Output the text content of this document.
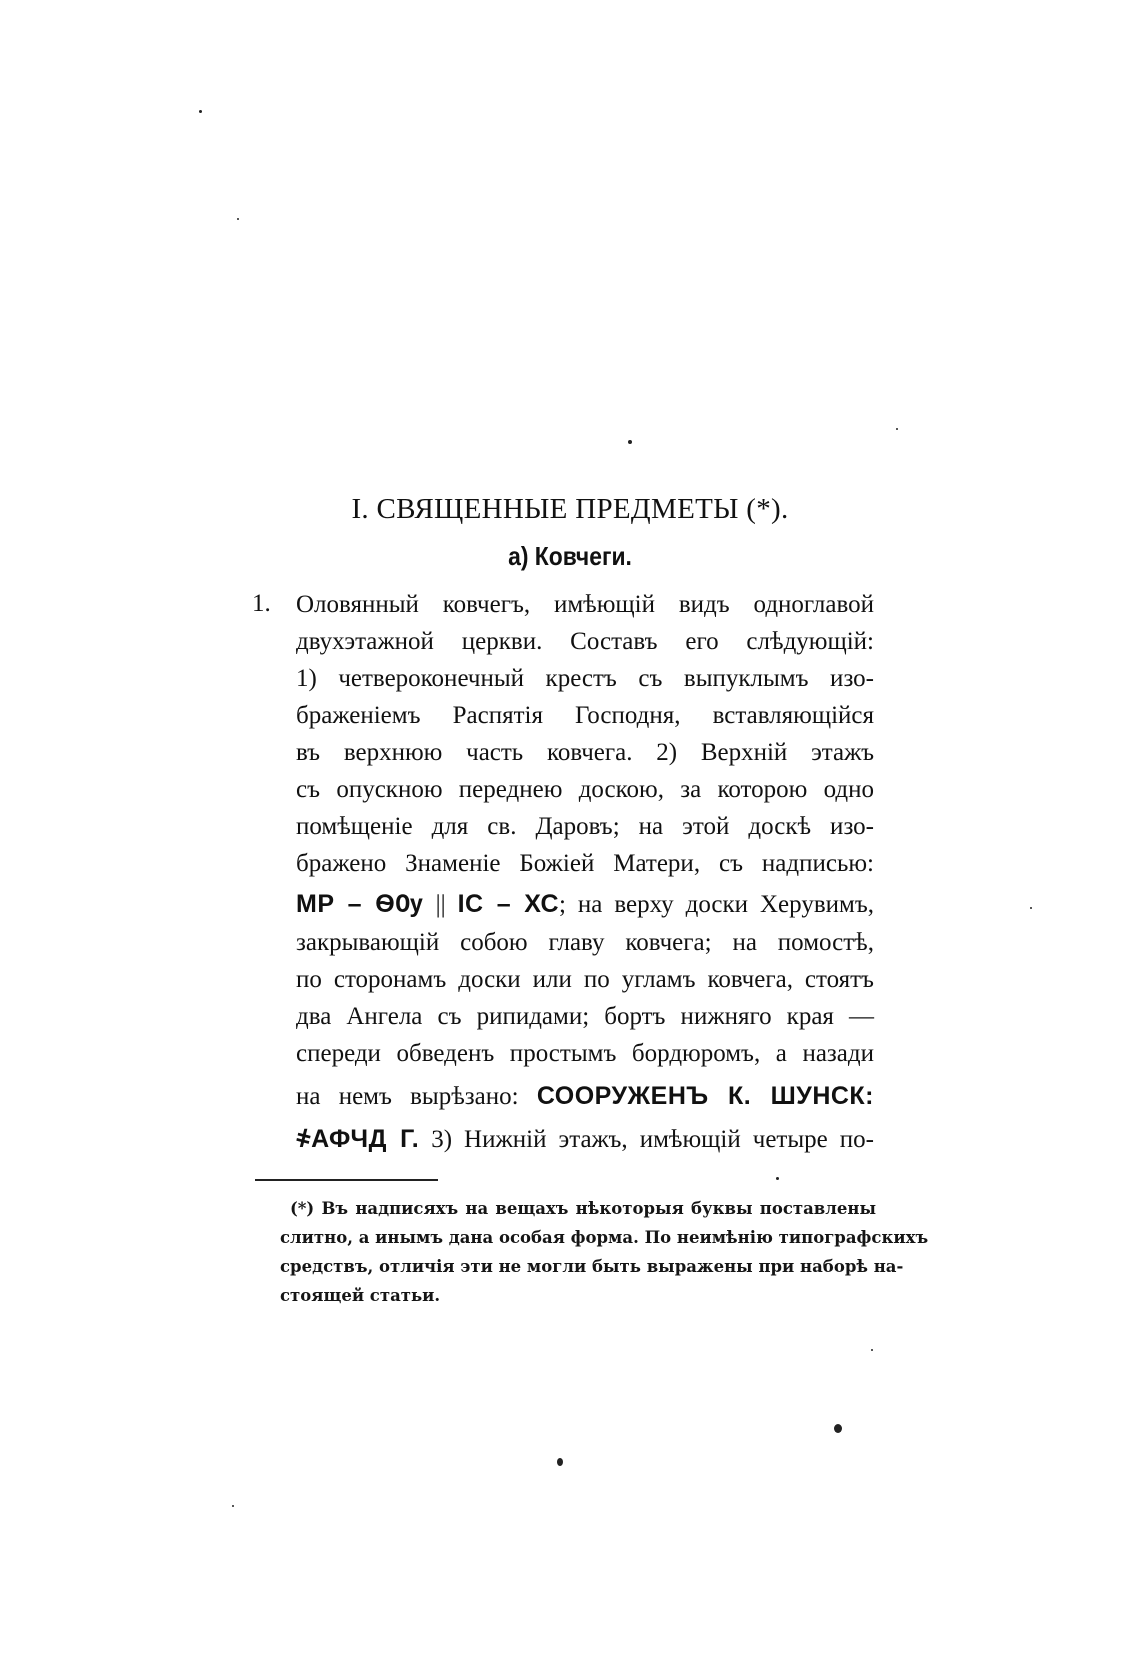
I. СВЯЩЕННЫЕ ПРЕДМЕТЫ (*).
а) Ковчеги.
1. Оловянный ковчегъ, имѣющій видъ одноглавой
двухэтажной церкви. Составъ его слѣдующій:
1) четвероконечный крестъ съ выпуклымъ изо-
браженіемъ Распятія Господня, вставляющійся
въ верхнюю часть ковчега. 2) Верхній этажъ
съ опускною переднею доскою, за которою одно
помѣщеніе для св. Даровъ; на этой доскѣ изо-
бражено Знаменіе Божіей Матери, съ надписью:
МР – ѲѸ || ІС – ХС; на верху доски Херувимъ,
закрывающій собою главу ковчега; на помостѣ,
по сторонамъ доски или по угламъ ковчега, стоятъ
два Ангела съ рипидами; бортъ нижняго края —
спереди обведенъ простымъ бордюромъ, а назади
на немъ вырѣзано: СООРУЖЕНЪ К. ШУНСК:
҂АФЧД Г. 3) Нижній этажъ, имѣющій четыре по-
(*) Въ надписяхъ на вещахъ нѣкоторыя буквы поставлены
слитно, а инымъ дана особая форма. По неимѣнію типографскихъ
средствъ, отличія эти не могли быть выражены при наборѣ на-
стоящей статьи.
